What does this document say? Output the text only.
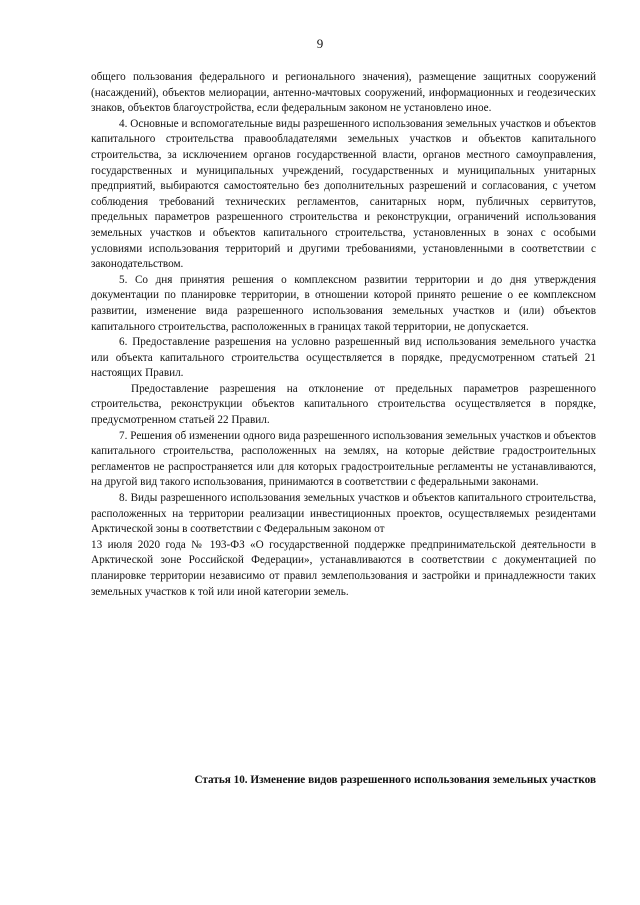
9

общего пользования федерального и регионального значения), размещение защитных сооружений (насаждений), объектов мелиорации, антенно-мачтовых сооружений, информационных и геодезических знаков, объектов благоустройства, если федеральным законом не установлено иное.

4. Основные и вспомогательные виды разрешенного использования земельных участков и объектов капитального строительства правообладателями земельных участков и объектов капитального строительства, за исключением органов государственной власти, органов местного самоуправления, государственных и муниципальных учреждений, государственных и муниципальных унитарных предприятий, выбираются самостоятельно без дополнительных разрешений и согласования, с учетом соблюдения требований технических регламентов, санитарных норм, публичных сервитутов, предельных параметров разрешенного строительства и реконструкции, ограничений использования земельных участков и объектов капитального строительства, установленных в зонах с особыми условиями использования территорий и другими требованиями, установленными в соответствии с законодательством.

5. Со дня принятия решения о комплексном развитии территории и до дня утверждения документации по планировке территории, в отношении которой принято решение о ее комплексном развитии, изменение вида разрешенного использования земельных участков и (или) объектов капитального строительства, расположенных в границах такой территории, не допускается.

6. Предоставление разрешения на условно разрешенный вид использования земельного участка или объекта капитального строительства осуществляется в порядке, предусмотренном статьей 21 настоящих Правил.

Предоставление разрешения на отклонение от предельных параметров разрешенного строительства, реконструкции объектов капитального строительства осуществляется в порядке, предусмотренном статьей 22 Правил.

7. Решения об изменении одного вида разрешенного использования земельных участков и объектов капитального строительства, расположенных на землях, на которые действие градостроительных регламентов не распространяется или для которых градостроительные регламенты не устанавливаются, на другой вид такого использования, принимаются в соответствии с федеральными законами.

8. Виды разрешенного использования земельных участков и объектов капитального строительства, расположенных на территории реализации инвестиционных проектов, осуществляемых резидентами Арктической зоны в соответствии с Федеральным законом от

13 июля 2020 года № 193-ФЗ «О государственной поддержке предпринимательской деятельности в Арктической зоне Российской Федерации», устанавливаются в соответствии с документацией по планировке территории независимо от правил землепользования и застройки и принадлежности таких земельных участков к той или иной категории земель.

Статья 10. Изменение видов разрешенного использования земельных участков
